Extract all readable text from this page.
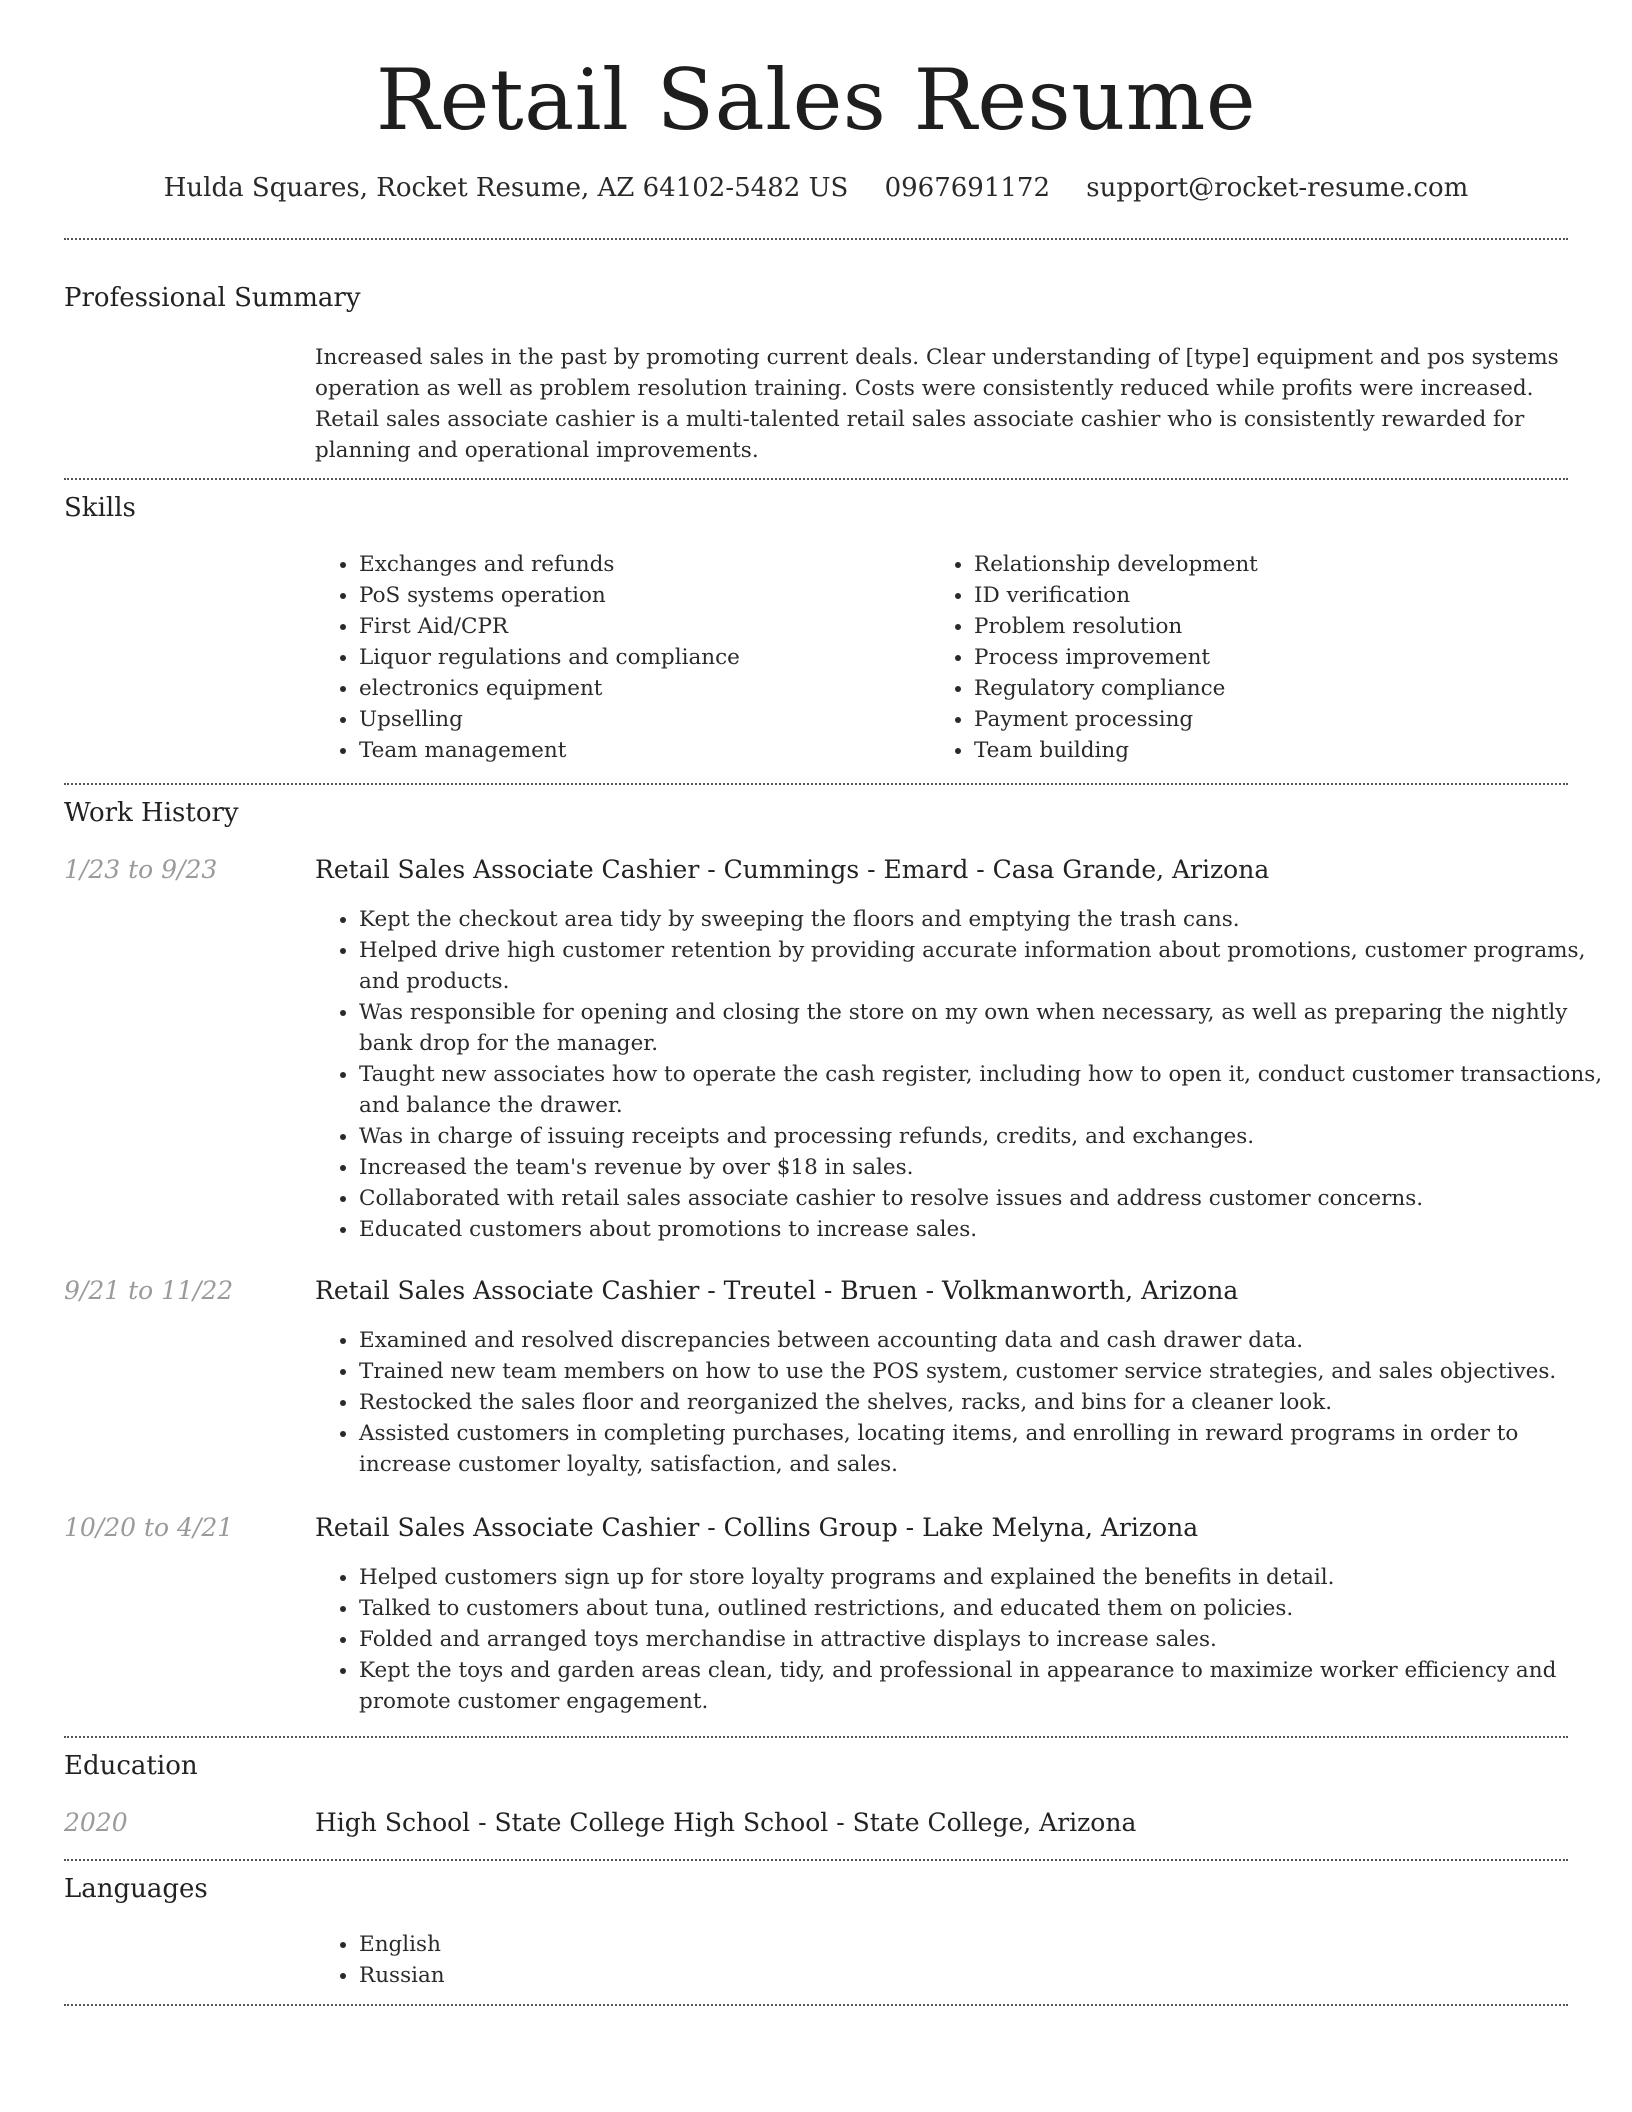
Retail Sales Resume
Hulda Squares, Rocket Resume, AZ 64102-5482 US 0967691172 support@rocket-resume.com
Professional Summary

Increased sales in the past by promoting current deals. Clear understanding of [type] equipment and pos systems operation as well as problem resolution training. Costs were consistently reduced while profits were increased. Retail sales associate cashier is a multi-talented retail sales associate cashier who is consistently rewarded for planning and operational improvements.

Skills
• Exchanges and refunds
• PoS systems operation
• First Aid/CPR
• Liquor regulations and compliance
• electronics equipment
• Upselling
• Team management
• Relationship development
• ID verification
• Problem resolution
• Process improvement
• Regulatory compliance
• Payment processing
• Team building
Work History
1/23 to 9/23	Retail Sales Associate Cashier - Cummings - Emard - Casa Grande, Arizona
• Kept the checkout area tidy by sweeping the floors and emptying the trash cans.
• Helped drive high customer retention by providing accurate information about promotions, customer programs, and products.
• Was responsible for opening and closing the store on my own when necessary, as well as preparing the nightly bank drop for the manager.
• Taught new associates how to operate the cash register, including how to open it, conduct customer transactions, and balance the drawer.
• Was in charge of issuing receipts and processing refunds, credits, and exchanges.
• Increased the team's revenue by over $18 in sales.
• Collaborated with retail sales associate cashier to resolve issues and address customer concerns.
• Educated customers about promotions to increase sales.
9/21 to 11/22	Retail Sales Associate Cashier - Treutel - Bruen - Volkmanworth, Arizona
• Examined and resolved discrepancies between accounting data and cash drawer data.
• Trained new team members on how to use the POS system, customer service strategies, and sales objectives.
• Restocked the sales floor and reorganized the shelves, racks, and bins for a cleaner look.
• Assisted customers in completing purchases, locating items, and enrolling in reward programs in order to increase customer loyalty, satisfaction, and sales.
10/20 to 4/21	Retail Sales Associate Cashier - Collins Group - Lake Melyna, Arizona
• Helped customers sign up for store loyalty programs and explained the benefits in detail.
• Talked to customers about tuna, outlined restrictions, and educated them on policies.
• Folded and arranged toys merchandise in attractive displays to increase sales.
• Kept the toys and garden areas clean, tidy, and professional in appearance to maximize worker efficiency and promote customer engagement.
Education
2020	High School - State College High School - State College, Arizona
Languages
• English
• Russian
